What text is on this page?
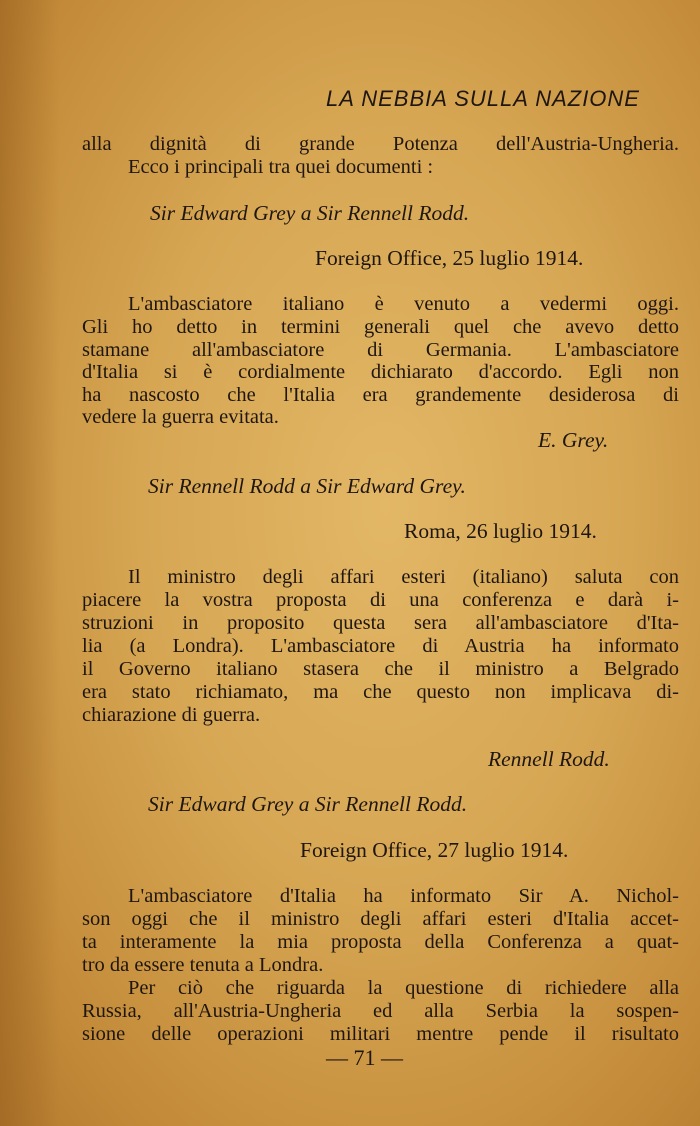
LA NEBBIA SULLA NAZIONE
alla dignità di grande Potenza dell'Austria-Ungheria.
Ecco i principali tra quei documenti :
Sir Edward Grey a Sir Rennell Rodd.
Foreign Office, 25 luglio 1914.
L'ambasciatore italiano è venuto a vedermi oggi.
Gli ho detto in termini generali quel che avevo detto
stamane all'ambasciatore di Germania. L'ambasciatore
d'Italia si è cordialmente dichiarato d'accordo. Egli non
ha nascosto che l'Italia era grandemente desiderosa di
vedere la guerra evitata.
E. Grey.
Sir Rennell Rodd a Sir Edward Grey.
Roma, 26 luglio 1914.
Il ministro degli affari esteri (italiano) saluta con
piacere la vostra proposta di una conferenza e darà i-
struzioni in proposito questa sera all'ambasciatore d'Ita-
lia (a Londra). L'ambasciatore di Austria ha informato
il Governo italiano stasera che il ministro a Belgrado
era stato richiamato, ma che questo non implicava di-
chiarazione di guerra.
Rennell Rodd.
Sir Edward Grey a Sir Rennell Rodd.
Foreign Office, 27 luglio 1914.
L'ambasciatore d'Italia ha informato Sir A. Nichol-
son oggi che il ministro degli affari esteri d'Italia accet-
ta interamente la mia proposta della Conferenza a quat-
tro da essere tenuta a Londra.
Per ciò che riguarda la questione di richiedere alla
Russia, all'Austria-Ungheria ed alla Serbia la sospen-
sione delle operazioni militari mentre pende il risultato
— 71 —
